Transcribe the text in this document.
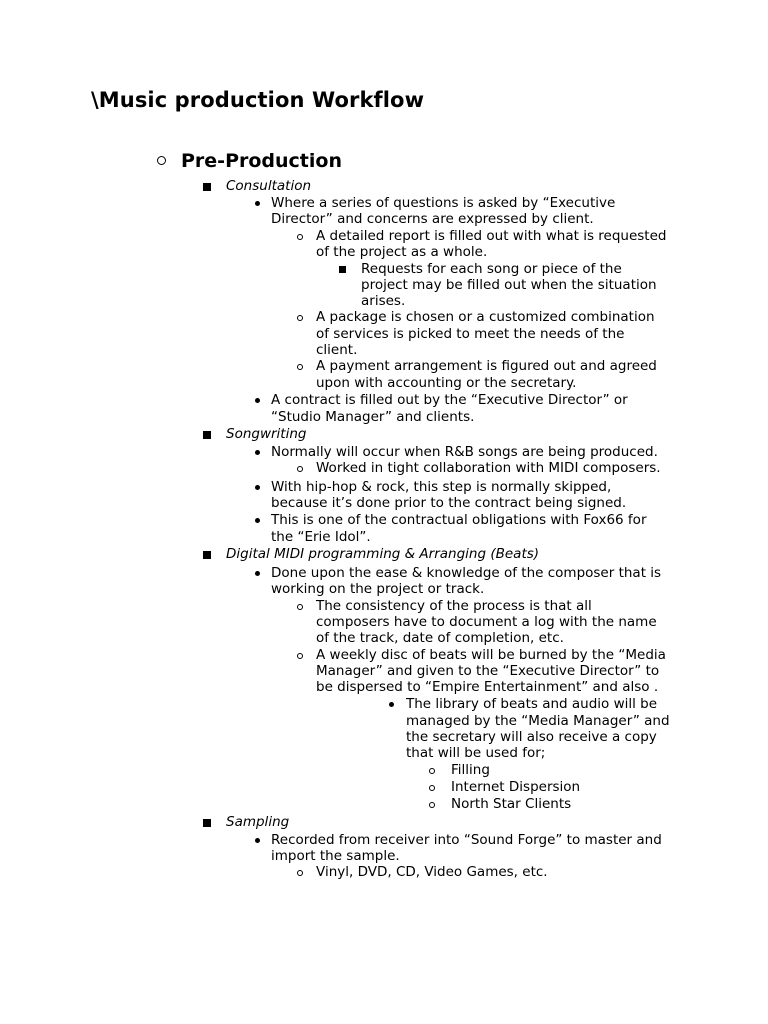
\Music production Workflow
Pre-Production
Consultation
Where a series of questions is asked by “Executive
Director” and concerns are expressed by client.
A detailed report is filled out with what is requested
of the project as a whole.
Requests for each song or piece of the
project may be filled out when the situation
arises.
A package is chosen or a customized combination
of services is picked to meet the needs of the
client.
A payment arrangement is figured out and agreed
upon with accounting or the secretary.
A contract is filled out by the “Executive Director” or
“Studio Manager” and clients.
Songwriting
Normally will occur when R&B songs are being produced.
Worked in tight collaboration with MIDI composers.
With hip-hop & rock, this step is normally skipped,
because it’s done prior to the contract being signed.
This is one of the contractual obligations with Fox66 for
the “Erie Idol”.
Digital MIDI programming & Arranging (Beats)
Done upon the ease & knowledge of the composer that is
working on the project or track.
The consistency of the process is that all
composers have to document a log with the name
of the track, date of completion, etc.
A weekly disc of beats will be burned by the “Media
Manager” and given to the “Executive Director” to
be dispersed to “Empire Entertainment” and also .
The library of beats and audio will be
managed by the “Media Manager” and
the secretary will also receive a copy
that will be used for;
Filling
Internet Dispersion
North Star Clients
Sampling
Recorded from receiver into “Sound Forge” to master and
import the sample.
Vinyl, DVD, CD, Video Games, etc.
